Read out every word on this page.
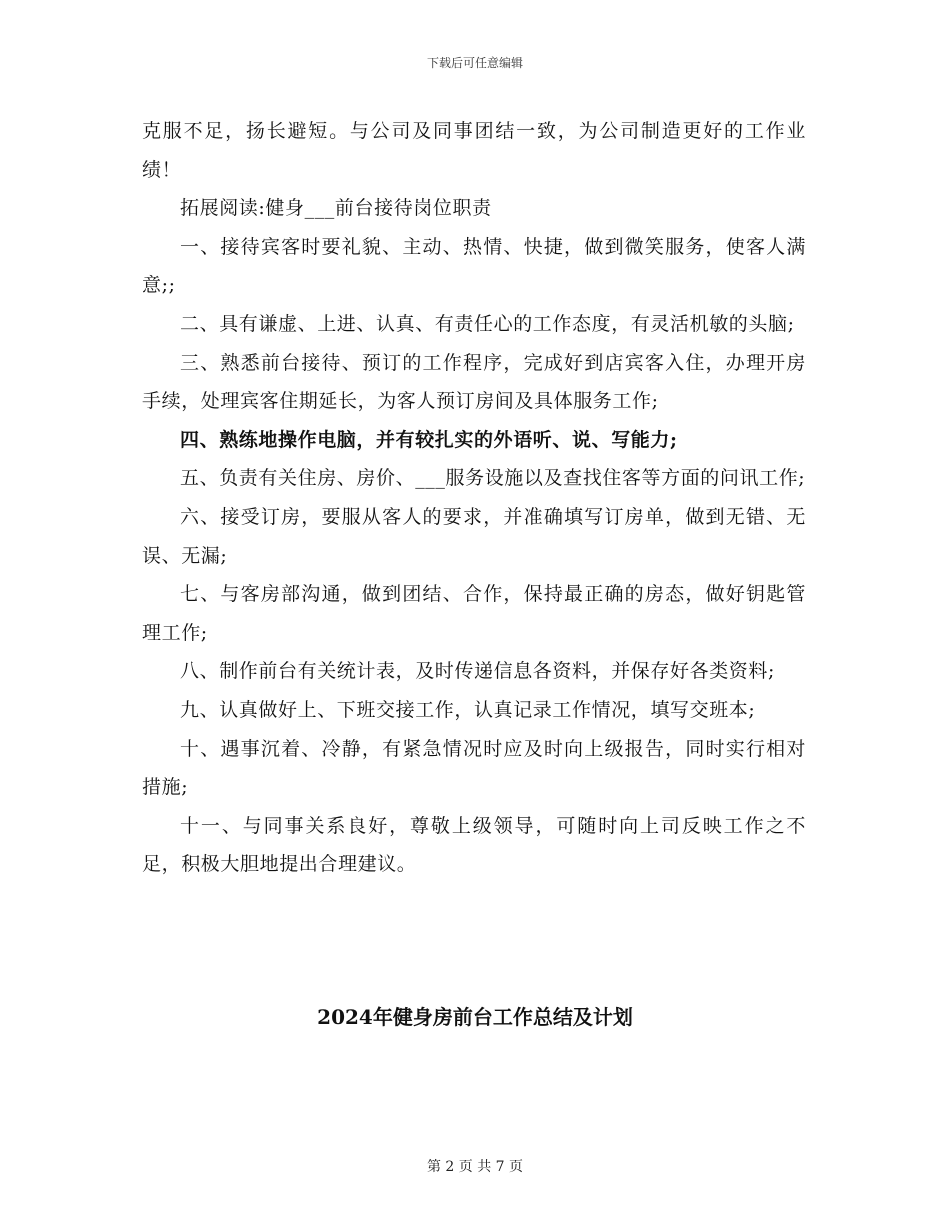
下载后可任意编辑

克服不足，扬长避短。与公司及同事团结一致，为公司制造更好的工作业绩！

拓展阅读:健身___前台接待岗位职责

一、接待宾客时要礼貌、主动、热情、快捷，做到微笑服务，使客人满意;;

二、具有谦虚、上进、认真、有责任心的工作态度，有灵活机敏的头脑;

三、熟悉前台接待、预订的工作程序，完成好到店宾客入住，办理开房手续，处理宾客住期延长，为客人预订房间及具体服务工作;

四、熟练地操作电脑，并有较扎实的外语听、说、写能力;

五、负责有关住房、房价、___服务设施以及查找住客等方面的问讯工作;

六、接受订房，要服从客人的要求，并准确填写订房单，做到无错、无误、无漏;

七、与客房部沟通，做到团结、合作，保持最正确的房态，做好钥匙管理工作;

八、制作前台有关统计表，及时传递信息各资料，并保存好各类资料;

九、认真做好上、下班交接工作，认真记录工作情况，填写交班本;

十、遇事沉着、冷静，有紧急情况时应及时向上级报告，同时实行相对措施;

十一、与同事关系良好，尊敬上级领导，可随时向上司反映工作之不足，积极大胆地提出合理建议。

2024年健身房前台工作总结及计划
第 2 页 共 7 页
